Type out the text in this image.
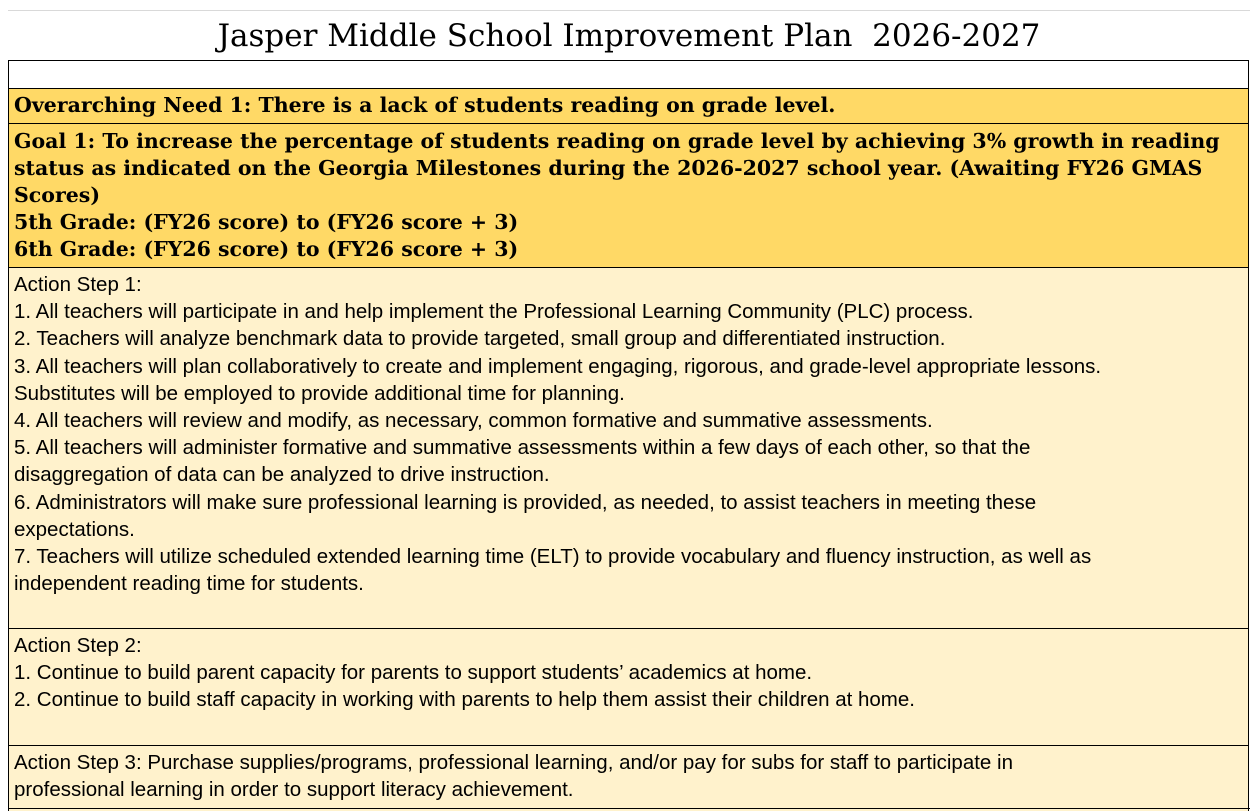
Jasper Middle School Improvement Plan  2026-2027
Overarching Need 1: There is a lack of students reading on grade level.
Goal 1: To increase the percentage of students reading on grade level by achieving 3% growth in reading
status as indicated on the Georgia Milestones during the 2026-2027 school year. (Awaiting FY26 GMAS
Scores)
5th Grade: (FY26 score) to (FY26 score + 3)
6th Grade: (FY26 score) to (FY26 score + 3)
Action Step 1:
1. All teachers will participate in and help implement the Professional Learning Community (PLC) process.
2. Teachers will analyze benchmark data to provide targeted, small group and differentiated instruction.
3. All teachers will plan collaboratively to create and implement engaging, rigorous, and grade-level appropriate lessons.
Substitutes will be employed to provide additional time for planning.
4. All teachers will review and modify, as necessary, common formative and summative assessments.
5. All teachers will administer formative and summative assessments within a few days of each other, so that the
disaggregation of data can be analyzed to drive instruction.
6. Administrators will make sure professional learning is provided, as needed, to assist teachers in meeting these
expectations.
7. Teachers will utilize scheduled extended learning time (ELT) to provide vocabulary and fluency instruction, as well as
independent reading time for students.
Action Step 2:
1. Continue to build parent capacity for parents to support students’ academics at home.
2. Continue to build staff capacity in working with parents to help them assist their children at home.
Action Step 3: Purchase supplies/programs, professional learning, and/or pay for subs for staff to participate in
professional learning in order to support literacy achievement.
